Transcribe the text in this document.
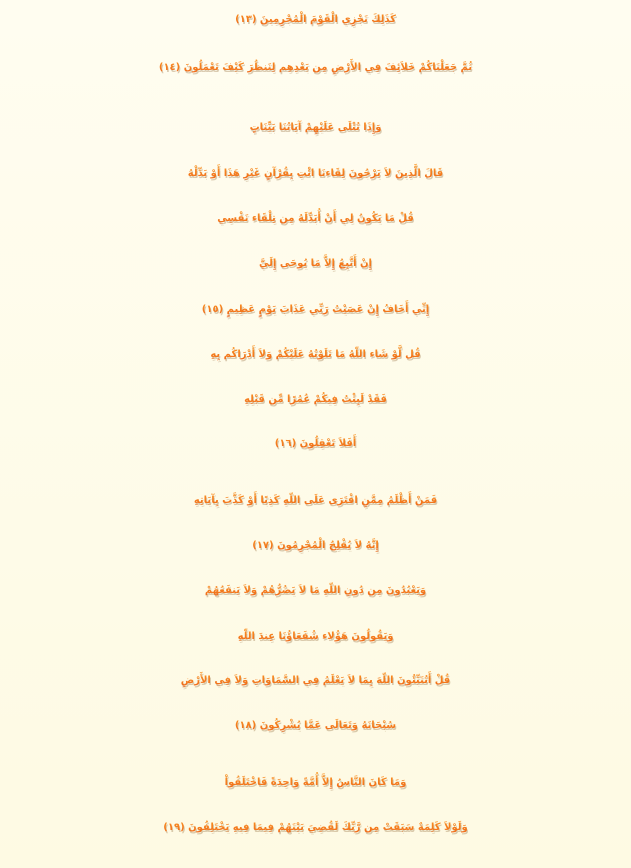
كَذَلِكَ نَجْزِي الْقَوْمَ الْمُجْرِمِينَ (١٣)

ثُمَّ جَعَلْنَاكُمْ خَلاَئِفَ فِي الأَرْضِ مِن بَعْدِهِم لِنَنظُرَ كَيْفَ تَعْمَلُونَ (١٤)

وَإِذَا تُتْلَى عَلَيْهِمْ آيَاتُنَا بَيِّنَاتٍ

قَالَ الَّذِينَ لاَ يَرْجُونَ لِقَاءنَا ائْتِ بِقُرْآنٍ غَيْرِ هَذَا أَوْ بَدِّلْهُ

قُلْ مَا يَكُونُ لِي أَنْ أُبَدِّلَهُ مِن تِلْقَاء نَفْسِي

إِنْ أَتَّبِعُ إِلاَّ مَا يُوحَى إِلَيَّ

إِنِّي أَخَافُ إِنْ عَصَيْتُ رَبِّي عَذَابَ يَوْمٍ عَظِيمٍ (١٥)

قُل لَّوْ شَاء اللّهُ مَا تَلَوْتُهُ عَلَيْكُمْ وَلاَ أَدْرَاكُم بِهِ

فَقَدْ لَبِثْتُ فِيكُمْ عُمُرًا مِّن قَبْلِهِ

أَفَلاَ تَعْقِلُونَ (١٦)

فَمَنْ أَظْلَمُ مِمَّنِ افْتَرَى عَلَى اللّهِ كَذِبًا أَوْ كَذَّبَ بِآيَاتِهِ

إِنَّهُ لاَ يُفْلِحُ الْمُجْرِمُونَ (١٧)

وَيَعْبُدُونَ مِن دُونِ اللّهِ مَا لاَ يَضُرُّهُمْ وَلاَ يَنفَعُهُمْ

وَيَقُولُونَ هَؤُلاء شُفَعَاؤُنَا عِندَ اللّهِ

قُلْ أَتُنَبِّئُونَ اللّهَ بِمَا لاَ يَعْلَمُ فِي السَّمَاوَاتِ وَلاَ فِي الأَرْضِ

سُبْحَانَهُ وَتَعَالَى عَمَّا يُشْرِكُونَ (١٨)

وَمَا كَانَ النَّاسُ إِلاَّ أُمَّةً وَاحِدَةً فَاخْتَلَفُواْ

وَلَوْلاَ كَلِمَةٌ سَبَقَتْ مِن رَّبِّكَ لَقُضِيَ بَيْنَهُمْ فِيمَا فِيهِ يَخْتَلِفُونَ (١٩)
